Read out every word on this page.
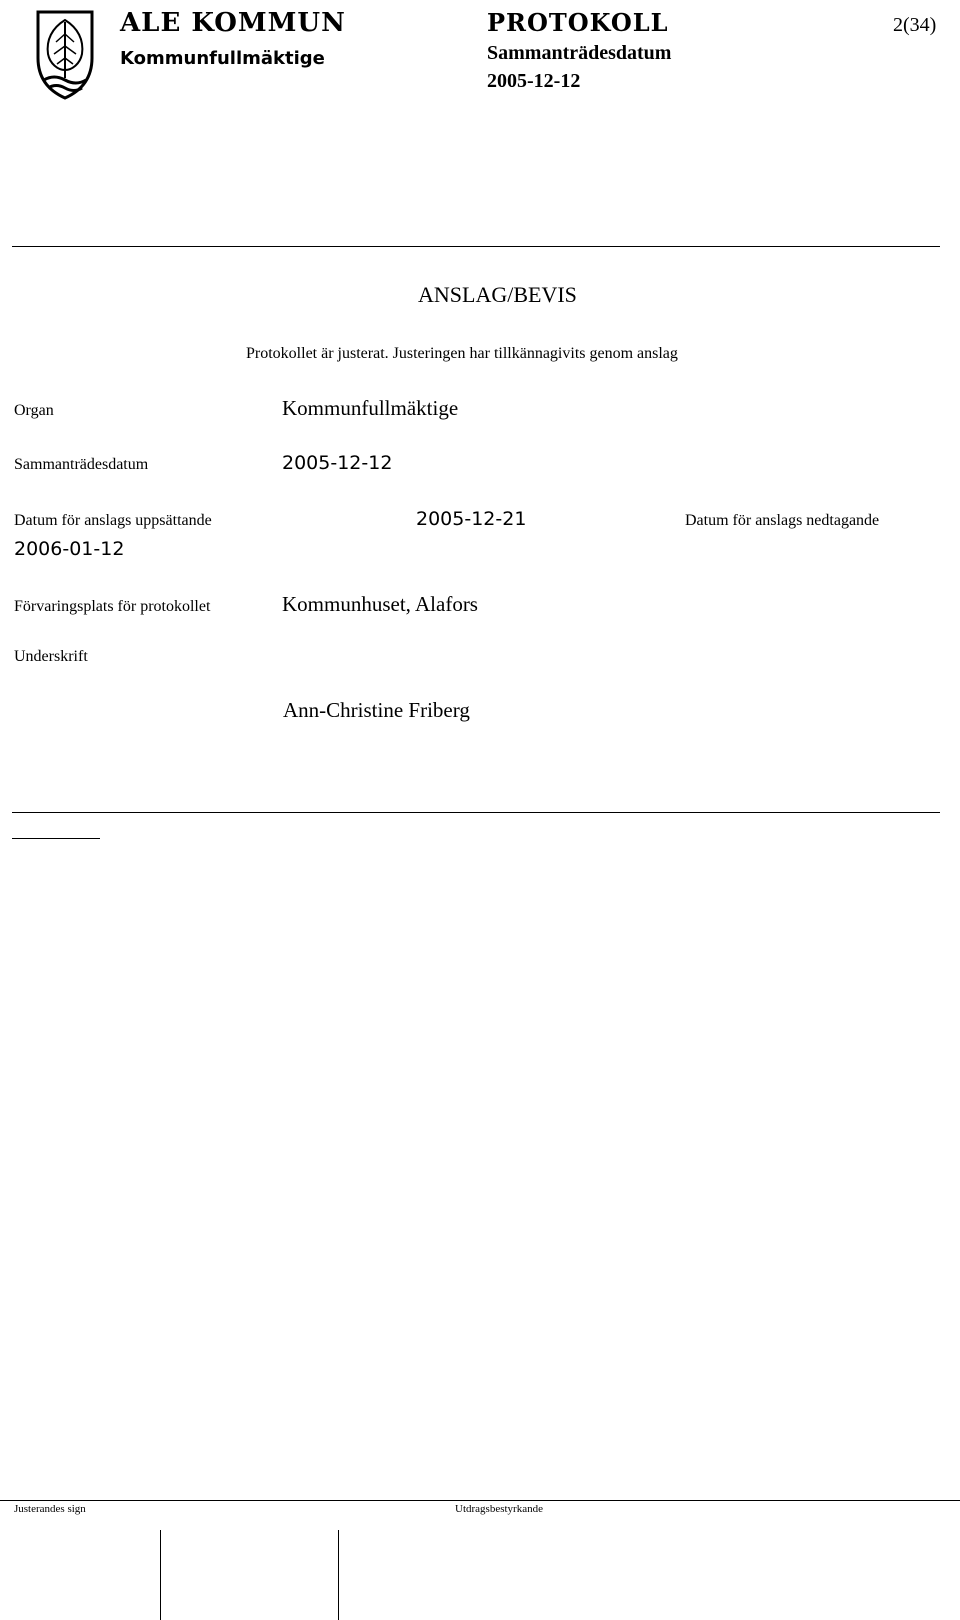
ALE KOMMUN
Kommunfullmäktige
PROTOKOLL	2(34)
Sammanträdesdatum
2005-12-12
ANSLAG/BEVIS
Protokollet är justerat. Justeringen har tillkännagivits genom anslag
Organ	Kommunfullmäktige
Sammanträdesdatum	2005-12-12
Datum för anslags uppsättande	2005-12-21	Datum för anslags nedtagande
2006-01-12
Förvaringsplats för protokollet	Kommunhuset, Alafors
Underskrift
Ann-Christine Friberg
Justerandes sign	Utdragsbestyrkande
